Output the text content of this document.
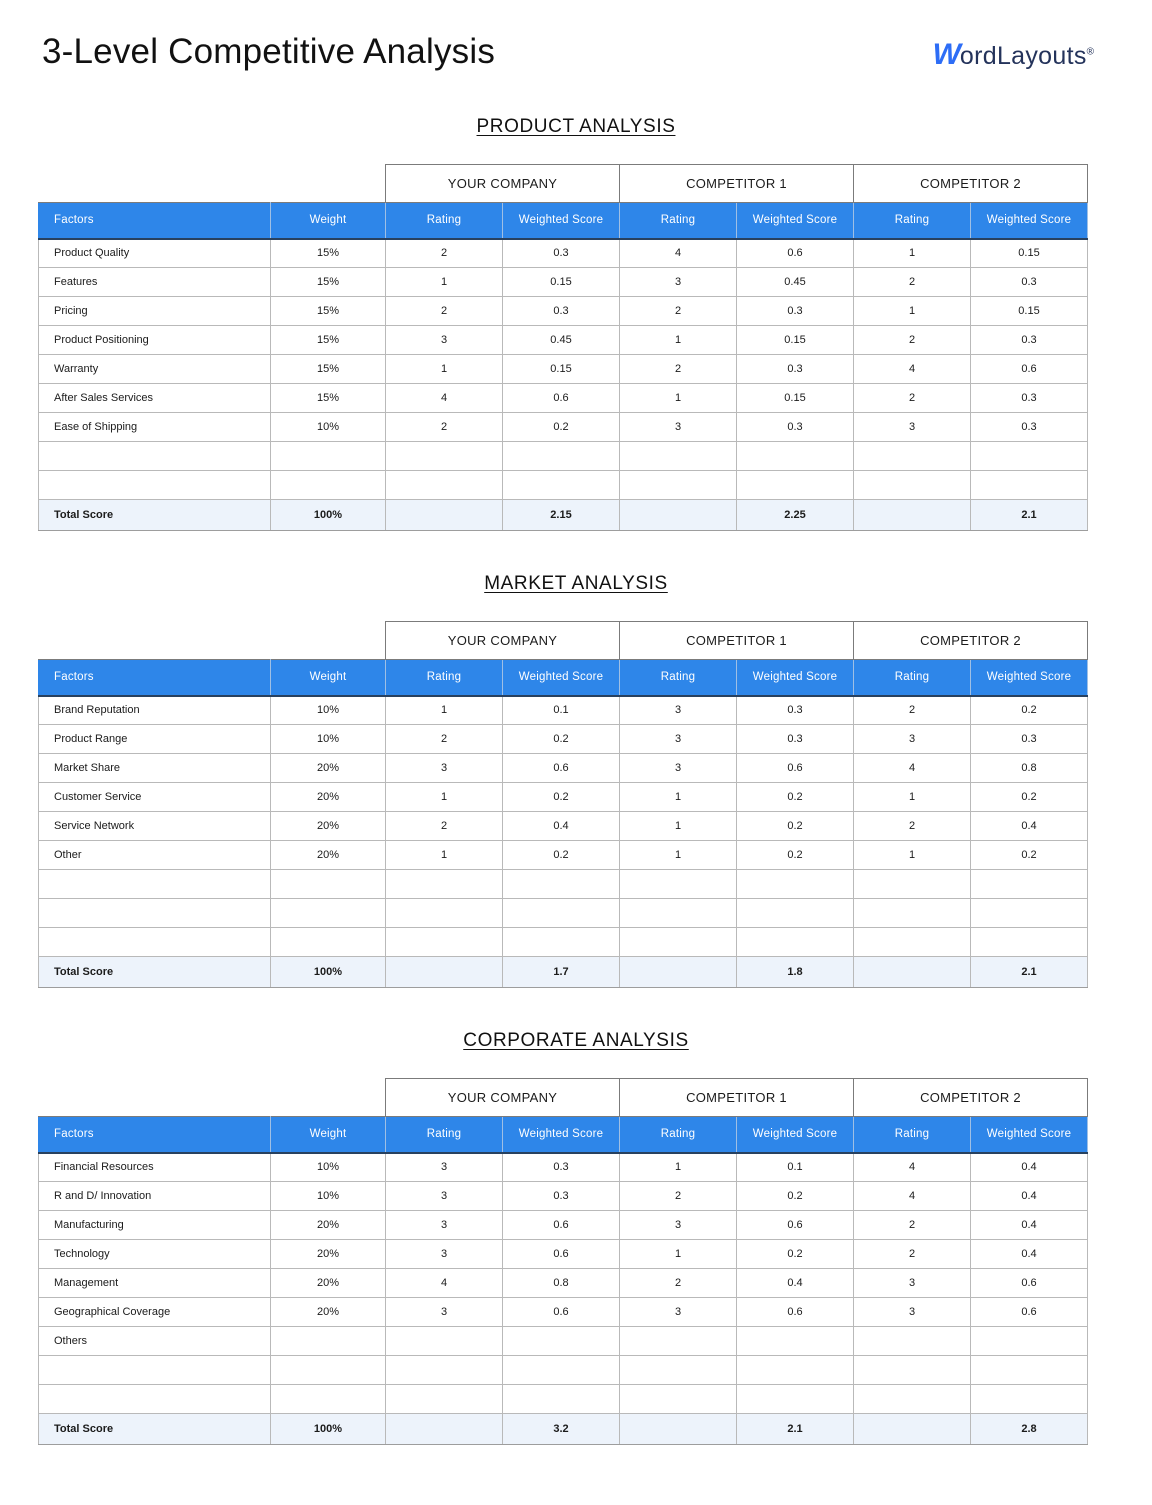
3-Level Competitive Analysis	WordLayouts®
PRODUCT ANALYSIS
		YOUR COMPANY		COMPETITOR 1		COMPETITOR 2	
Factors	Weight	Rating	Weighted Score	Rating	Weighted Score	Rating	Weighted Score
Product Quality	15%	2	0.3	4	0.6	1	0.15
Features	15%	1	0.15	3	0.45	2	0.3
Pricing	15%	2	0.3	2	0.3	1	0.15
Product Positioning	15%	3	0.45	1	0.15	2	0.3
Warranty	15%	1	0.15	2	0.3	4	0.6
After Sales Services	15%	4	0.6	1	0.15	2	0.3
Ease of Shipping	10%	2	0.2	3	0.3	3	0.3

Total Score	100%		2.15		2.25		2.1
MARKET ANALYSIS
		YOUR COMPANY		COMPETITOR 1		COMPETITOR 2	
Factors	Weight	Rating	Weighted Score	Rating	Weighted Score	Rating	Weighted Score
Brand Reputation	10%	1	0.1	3	0.3	2	0.2
Product Range	10%	2	0.2	3	0.3	3	0.3
Market Share	20%	3	0.6	3	0.6	4	0.8
Customer Service	20%	1	0.2	1	0.2	1	0.2
Service Network	20%	2	0.4	1	0.2	2	0.4
Other	20%	1	0.2	1	0.2	1	0.2

Total Score	100%		1.7		1.8		2.1
CORPORATE ANALYSIS
		YOUR COMPANY		COMPETITOR 1		COMPETITOR 2	
Factors	Weight	Rating	Weighted Score	Rating	Weighted Score	Rating	Weighted Score
Financial Resources	10%	3	0.3	1	0.1	4	0.4
R and D/ Innovation	10%	3	0.3	2	0.2	4	0.4
Manufacturing	20%	3	0.6	3	0.6	2	0.4
Technology	20%	3	0.6	1	0.2	2	0.4
Management	20%	4	0.8	2	0.4	3	0.6
Geographical Coverage	20%	3	0.6	3	0.6	3	0.6
Others							

Total Score	100%		3.2		2.1		2.8
